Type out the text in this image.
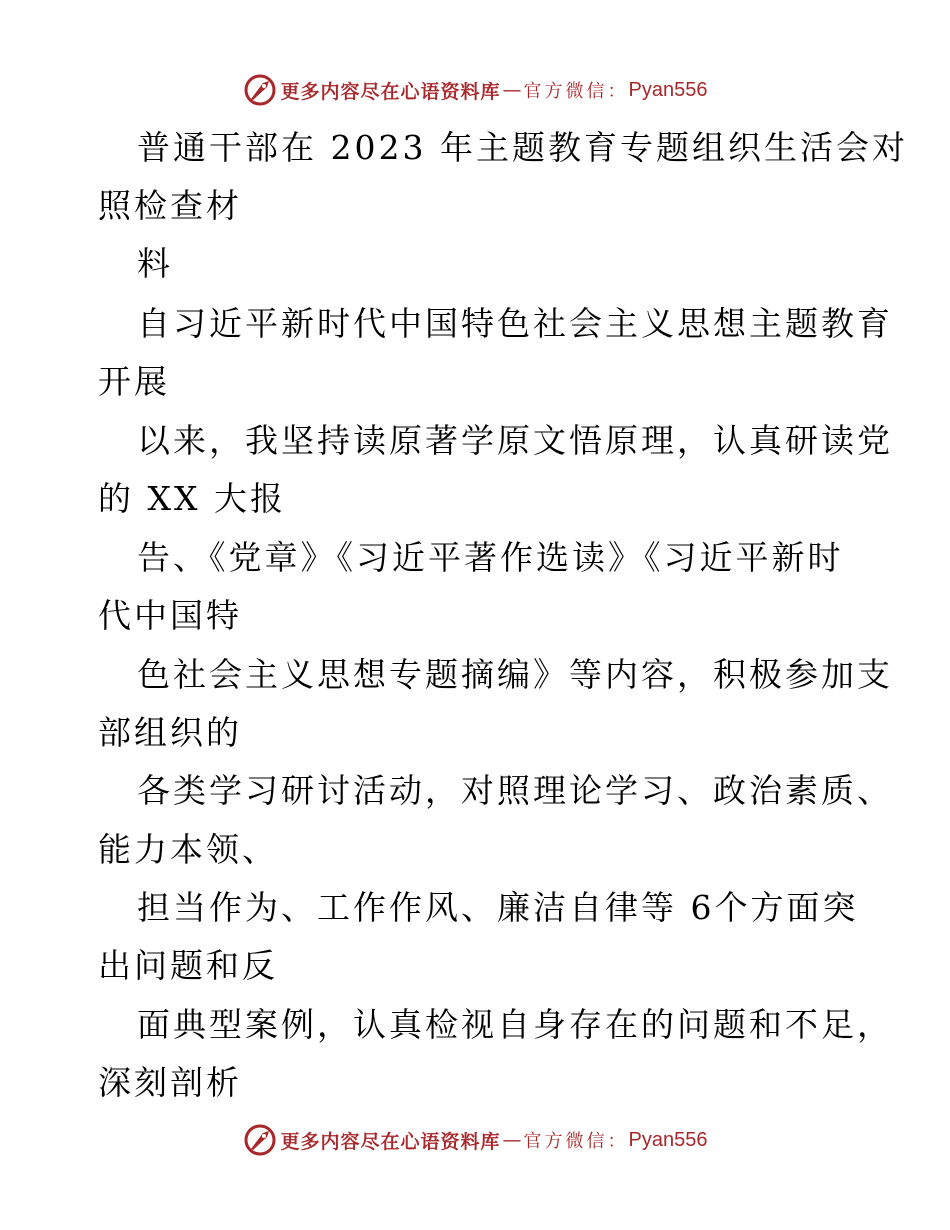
更多内容尽在心语资料库 — 官方微信： Pyan556
普通干部在 2023 年主题教育专题组织生活会对
照检查材
料
自习近平新时代中国特色社会主义思想主题教育
开展
以来，我坚持读原著学原文悟原理，认真研读党
的 XX 大报
告、《党章》《习近平著作选读》《习近平新时
代中国特
色社会主义思想专题摘编》等内容，积极参加支
部组织的
各类学习研讨活动，对照理论学习、政治素质、
能力本领、
担当作为、工作作风、廉洁自律等 6个方面突
出问题和反
面典型案例，认真检视自身存在的问题和不足，
深刻剖析
更多内容尽在心语资料库 — 官方微信： Pyan556
